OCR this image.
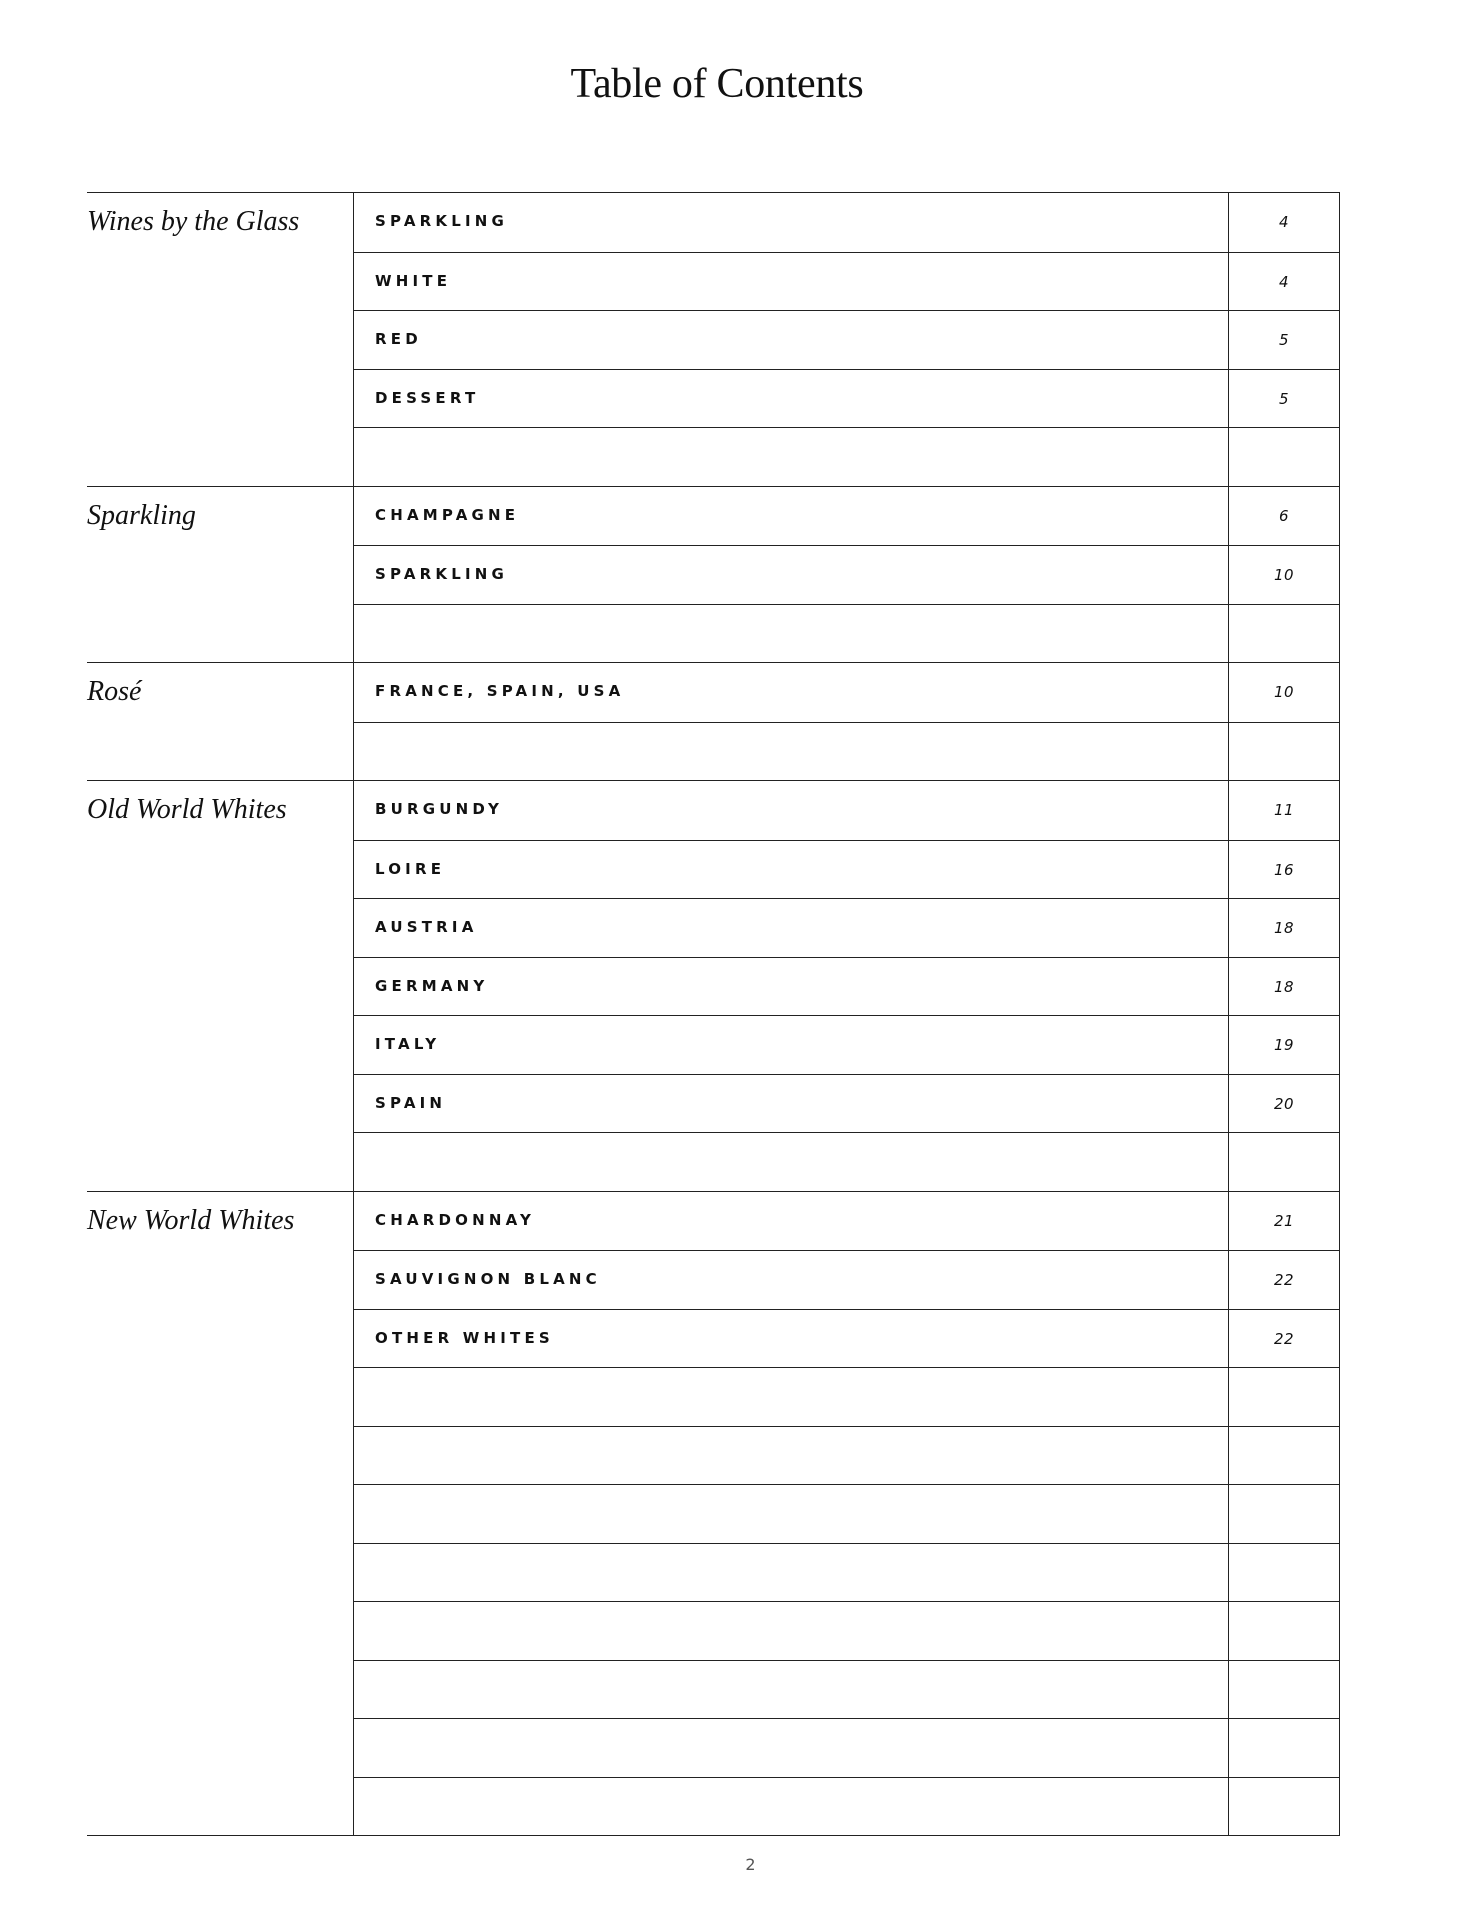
Table of Contents
Wines by the Glass	SPARKLING	4
WHITE	4
RED	5
DESSERT	5
Sparkling	CHAMPAGNE	6
SPARKLING	10
Rosé	FRANCE, SPAIN, USA	10
Old World Whites	BURGUNDY	11
LOIRE	16
AUSTRIA	18
GERMANY	18
ITALY	19
SPAIN	20
New World Whites	CHARDONNAY	21
SAUVIGNON BLANC	22
OTHER WHITES	22
2
